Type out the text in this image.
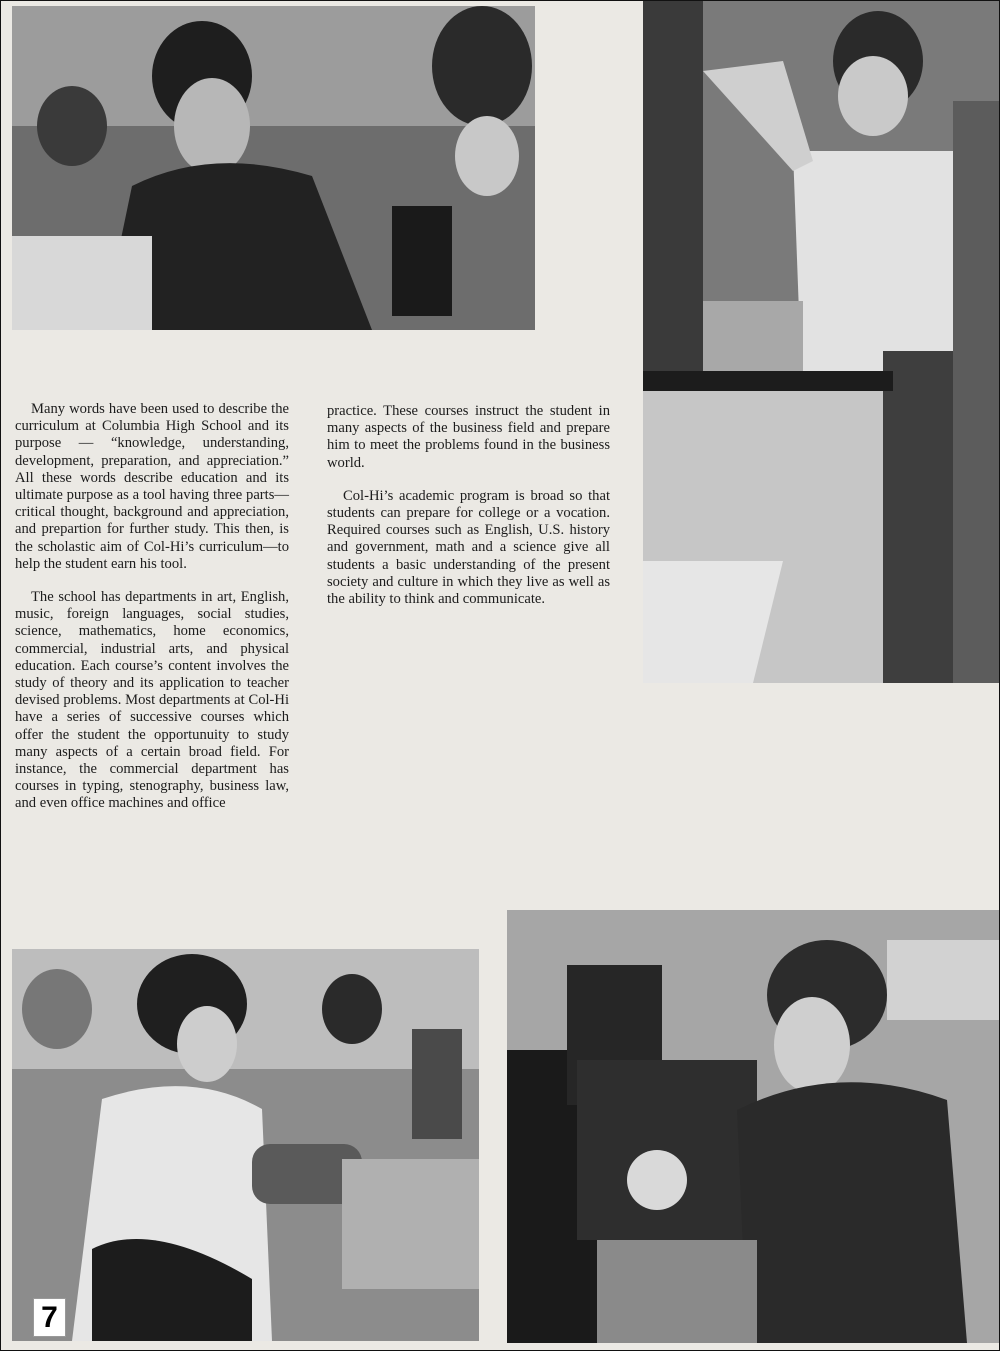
Many words have been used to describe the curriculum at Columbia High School and its purpose — “knowledge, understanding, development, preparation, and appreciation.” All these words describe education and its ultimate purpose as a tool having three parts—critical thought, background and appreciation, and prepartion for further study. This then, is the scholastic aim of Col-Hi’s curriculum—to help the student earn his tool.

The school has departments in art, English, music, foreign languages, social studies, science, mathematics, home economics, commercial, industrial arts, and physical education. Each course’s content involves the study of theory and its application to teacher devised problems. Most departments at Col-Hi have a series of successive courses which offer the student the opportunuity to study many aspects of a certain broad field. For instance, the commercial department has courses in typing, stenography, business law, and even office machines and office

practice. These courses instruct the student in many aspects of the business field and prepare him to meet the problems found in the business world.

Col-Hi’s academic program is broad so that students can prepare for college or a vocation. Required courses such as English, U.S. history and government, math and a science give all students a basic understanding of the present society and culture in which they live as well as the ability to think and communicate.

7
